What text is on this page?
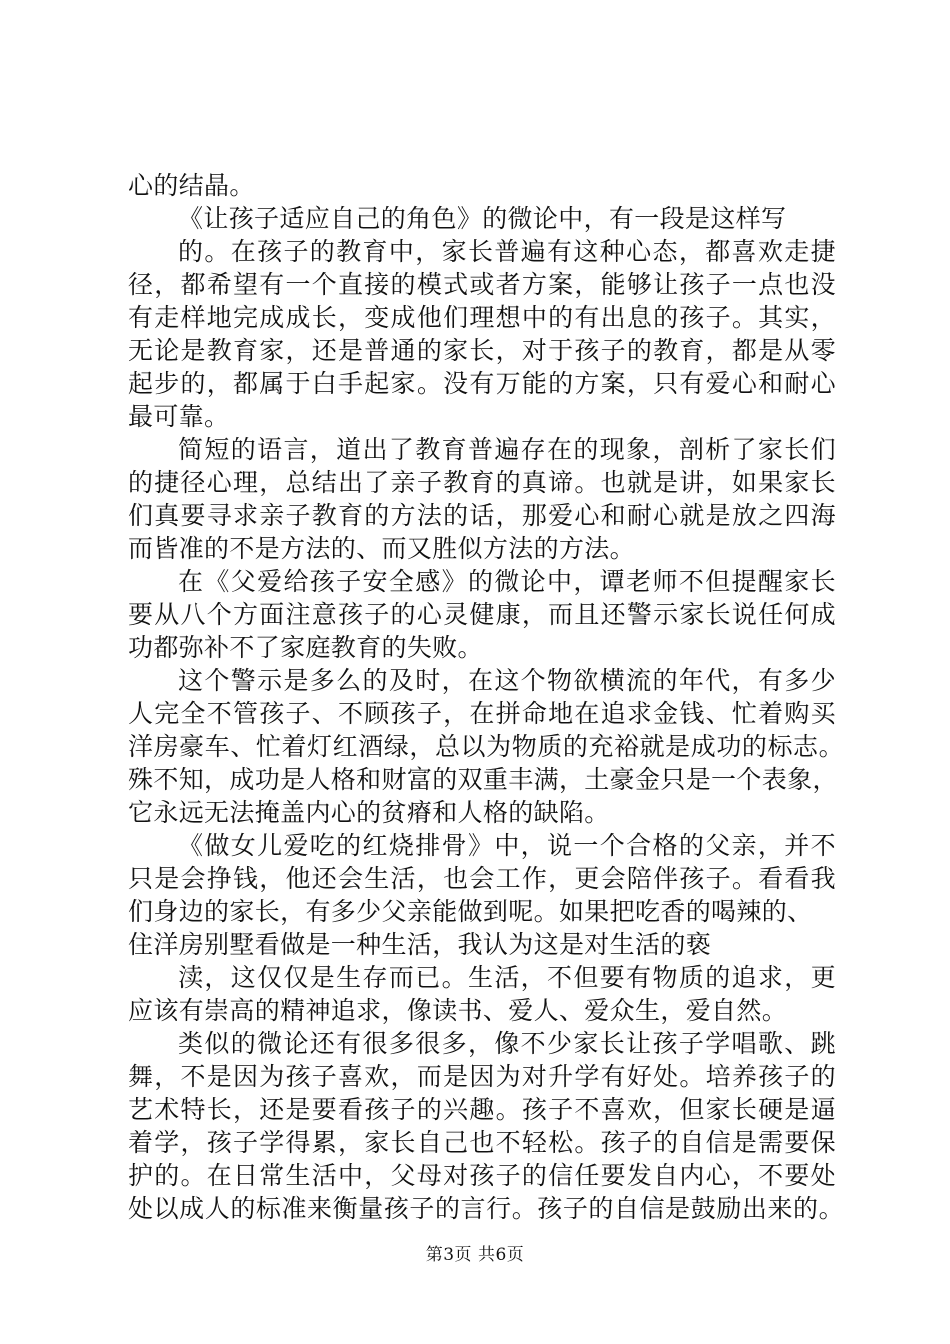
心的结晶。
《让孩子适应自己的角色》的微论中，有一段是这样写
的。在孩子的教育中，家长普遍有这种心态，都喜欢走捷
径，都希望有一个直接的模式或者方案，能够让孩子一点也没
有走样地完成成长，变成他们理想中的有出息的孩子。其实，
无论是教育家，还是普通的家长，对于孩子的教育，都是从零
起步的，都属于白手起家。没有万能的方案，只有爱心和耐心
最可靠。
简短的语言，道出了教育普遍存在的现象，剖析了家长们
的捷径心理，总结出了亲子教育的真谛。也就是讲，如果家长
们真要寻求亲子教育的方法的话，那爱心和耐心就是放之四海
而皆准的不是方法的、而又胜似方法的方法。
在《父爱给孩子安全感》的微论中，谭老师不但提醒家长
要从八个方面注意孩子的心灵健康，而且还警示家长说任何成
功都弥补不了家庭教育的失败。
这个警示是多么的及时，在这个物欲横流的年代，有多少
人完全不管孩子、不顾孩子，在拼命地在追求金钱、忙着购买
洋房豪车、忙着灯红酒绿，总以为物质的充裕就是成功的标志。
殊不知，成功是人格和财富的双重丰满，土豪金只是一个表象，
它永远无法掩盖内心的贫瘠和人格的缺陷。
《做女儿爱吃的红烧排骨》中，说一个合格的父亲，并不
只是会挣钱，他还会生活，也会工作，更会陪伴孩子。看看我
们身边的家长，有多少父亲能做到呢。如果把吃香的喝辣的、
住洋房别墅看做是一种生活，我认为这是对生活的亵
渎，这仅仅是生存而已。生活，不但要有物质的追求，更
应该有崇高的精神追求，像读书、爱人、爱众生，爱自然。
类似的微论还有很多很多，像不少家长让孩子学唱歌、跳
舞，不是因为孩子喜欢，而是因为对升学有好处。培养孩子的
艺术特长，还是要看孩子的兴趣。孩子不喜欢，但家长硬是逼
着学，孩子学得累，家长自己也不轻松。孩子的自信是需要保
护的。在日常生活中，父母对孩子的信任要发自内心，不要处
处以成人的标准来衡量孩子的言行。孩子的自信是鼓励出来的。
第3页 共6页
